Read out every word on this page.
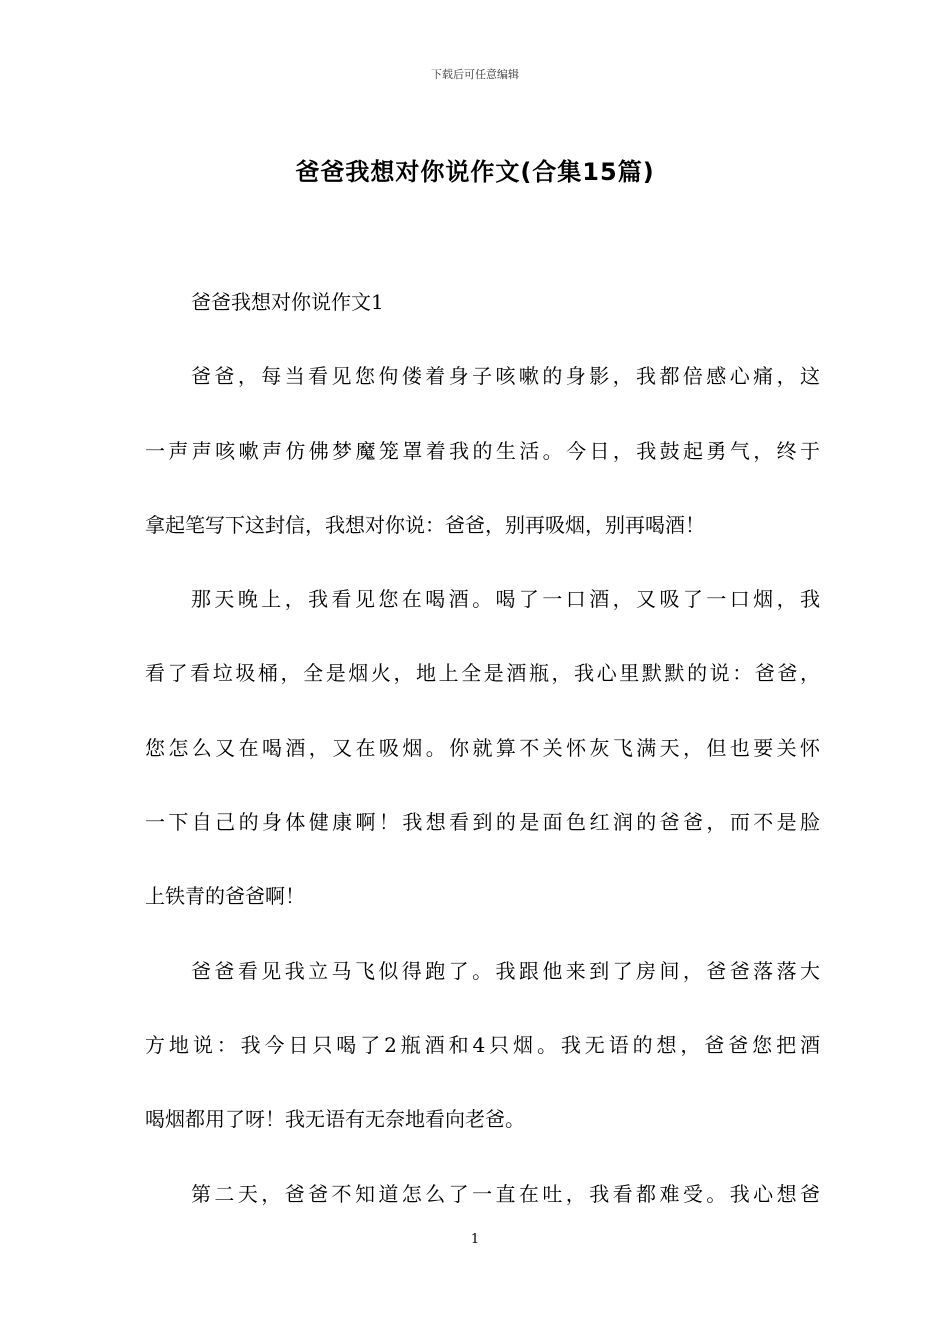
下载后可任意编辑
爸爸我想对你说作文(合集15篇)
爸爸我想对你说作文1
爸爸，每当看见您佝偻着身子咳嗽的身影，我都倍感心痛，这
一声声咳嗽声仿佛梦魔笼罩着我的生活。今日，我鼓起勇气，终于
拿起笔写下这封信，我想对你说：爸爸，别再吸烟，别再喝酒！
那天晚上，我看见您在喝酒。喝了一口酒，又吸了一口烟，我
看了看垃圾桶，全是烟火，地上全是酒瓶，我心里默默的说：爸爸，
您怎么又在喝酒，又在吸烟。你就算不关怀灰飞满天，但也要关怀
一下自己的身体健康啊！我想看到的是面色红润的爸爸，而不是脸
上铁青的爸爸啊！
爸爸看见我立马飞似得跑了。我跟他来到了房间，爸爸落落大
方地说：我今日只喝了2瓶酒和4只烟。我无语的想，爸爸您把酒
喝烟都用了呀！我无语有无奈地看向老爸。
第二天，爸爸不知道怎么了一直在吐，我看都难受。我心想爸
1
